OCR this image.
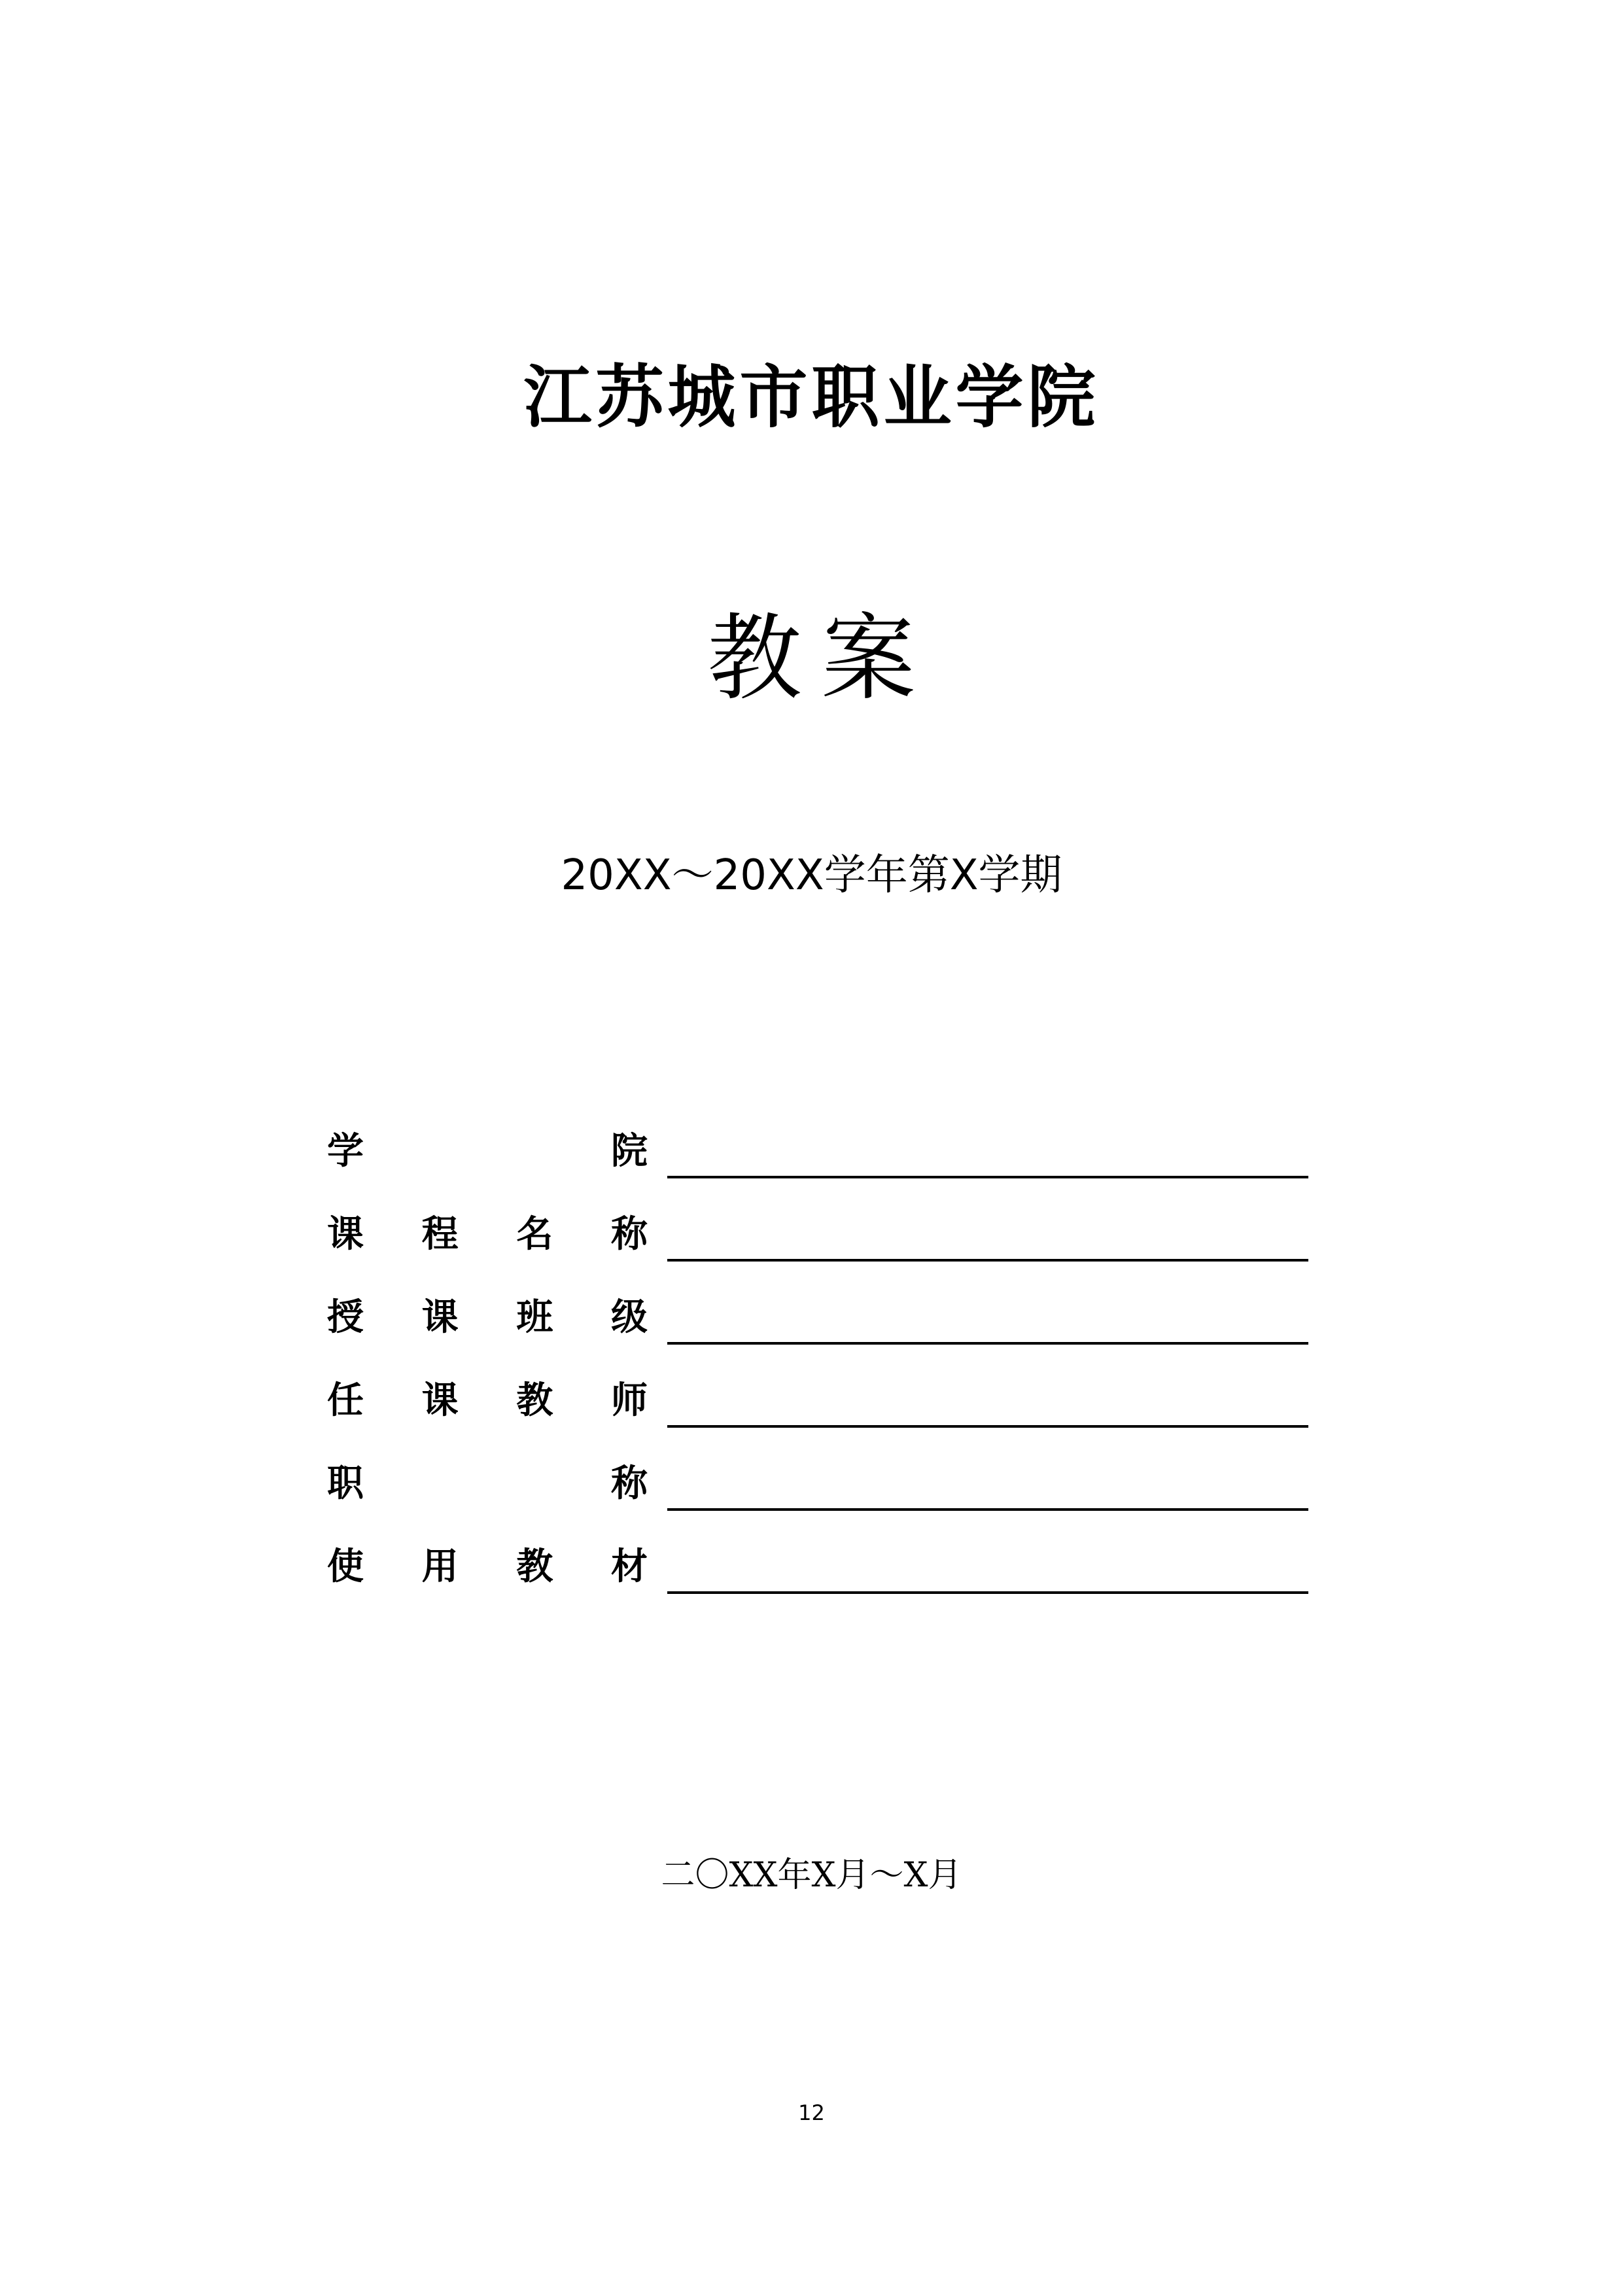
江苏城市职业学院
教案
20XX～20XX学年第X学期
学	院
课 程 名 称
授 课 班 级
任 课 教 师
职	称
使 用 教 材
二〇XX年X月～X月
12
